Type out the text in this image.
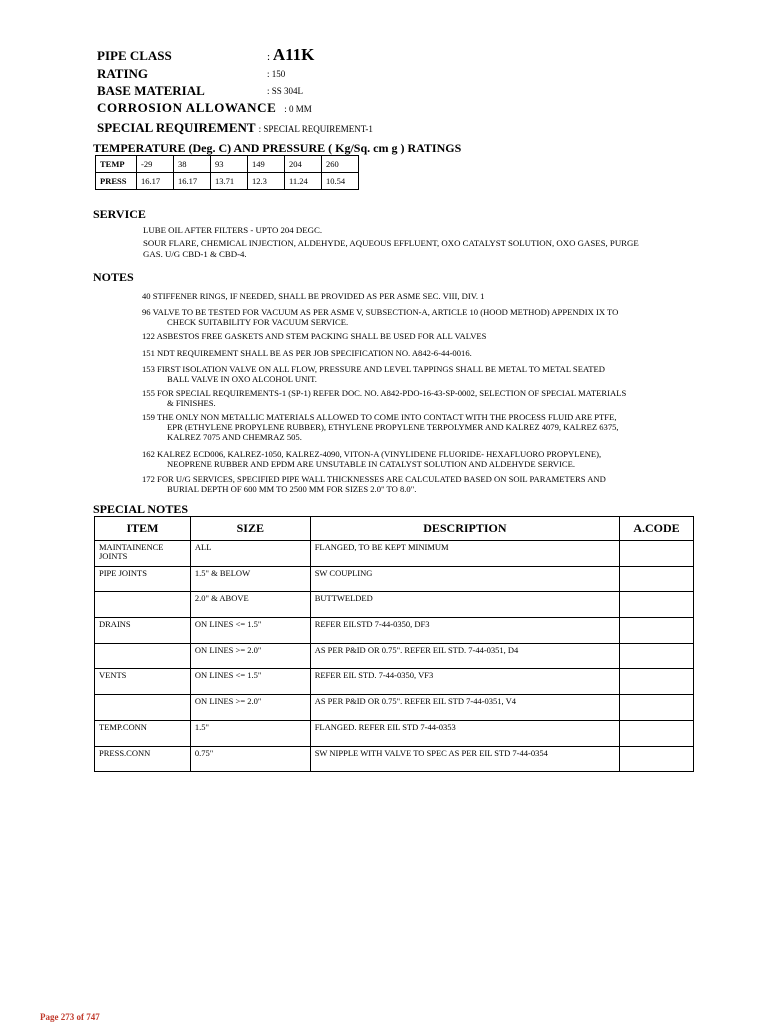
PIPE CLASS	: A11K
RATING	: 150
BASE MATERIAL	: SS 304L
CORROSION ALLOWANCE : 0 MM
SPECIAL REQUIREMENT : SPECIAL REQUIREMENT-1
TEMPERATURE (Deg. C) AND PRESSURE ( Kg/Sq. cm g ) RATINGS
TEMP	-29	38	93	149	204	260
PRESS	16.17	16.17	13.71	12.3	11.24	10.54
SERVICE
LUBE OIL AFTER FILTERS - UPTO 204 DEGC.
SOUR FLARE, CHEMICAL INJECTION, ALDEHYDE, AQUEOUS EFFLUENT, OXO CATALYST SOLUTION, OXO GASES, PURGE
GAS. U/G CBD-1 & CBD-4.
NOTES
40 STIFFENER RINGS, IF NEEDED, SHALL BE PROVIDED AS PER ASME SEC. VIII, DIV. 1
96 VALVE TO BE TESTED FOR VACUUM AS PER ASME V, SUBSECTION-A, ARTICLE 10 (HOOD METHOD) APPENDIX IX TO
CHECK SUITABILITY FOR VACUUM SERVICE.
122 ASBESTOS FREE GASKETS AND STEM PACKING SHALL BE USED FOR ALL VALVES
151 NDT REQUIREMENT SHALL BE AS PER JOB SPECIFICATION NO. A842-6-44-0016.
153 FIRST ISOLATION VALVE ON ALL FLOW, PRESSURE AND LEVEL TAPPINGS SHALL BE METAL TO METAL SEATED
BALL VALVE IN OXO ALCOHOL UNIT.
155 FOR SPECIAL REQUIREMENTS-1 (SP-1) REFER DOC. NO. A842-PDO-16-43-SP-0002, SELECTION OF SPECIAL MATERIALS
& FINISHES.
159 THE ONLY NON METALLIC MATERIALS ALLOWED TO COME INTO CONTACT WITH THE PROCESS FLUID ARE PTFE,
EPR (ETHYLENE PROPYLENE RUBBER), ETHYLENE PROPYLENE TERPOLYMER AND KALREZ 4079, KALREZ 6375,
KALREZ 7075 AND CHEMRAZ 505.
162 KALREZ ECD006, KALREZ-1050, KALREZ-4090, VITON-A (VINYLIDENE FLUORIDE- HEXAFLUORO PROPYLENE),
NEOPRENE RUBBER AND EPDM ARE UNSUTABLE IN CATALYST SOLUTION AND ALDEHYDE SERVICE.
172 FOR U/G SERVICES, SPECIFIED PIPE WALL THICKNESSES ARE CALCULATED BASED ON SOIL PARAMETERS AND
BURIAL DEPTH OF 600 MM TO 2500 MM FOR SIZES 2.0" TO 8.0".
SPECIAL NOTES
ITEM	SIZE	DESCRIPTION	A.CODE
MAINTAINENCE JOINTS	ALL	FLANGED, TO BE KEPT MINIMUM	
PIPE JOINTS	1.5" & BELOW	SW COUPLING	
	2.0" & ABOVE	BUTTWELDED	
DRAINS	ON LINES <= 1.5"	REFER EILSTD 7-44-0350, DF3	
	ON LINES >= 2.0"	AS PER P&ID OR 0.75". REFER EIL STD. 7-44-0351, D4	
VENTS	ON LINES <= 1.5"	REFER EIL STD. 7-44-0350, VF3	
	ON LINES >= 2.0"	AS PER P&ID OR 0.75". REFER EIL STD 7-44-0351, V4	
TEMP.CONN	1.5"	FLANGED. REFER EIL STD 7-44-0353	
PRESS.CONN	0.75"	SW NIPPLE WITH VALVE TO SPEC AS PER EIL STD 7-44-0354	
Page 273 of 747
